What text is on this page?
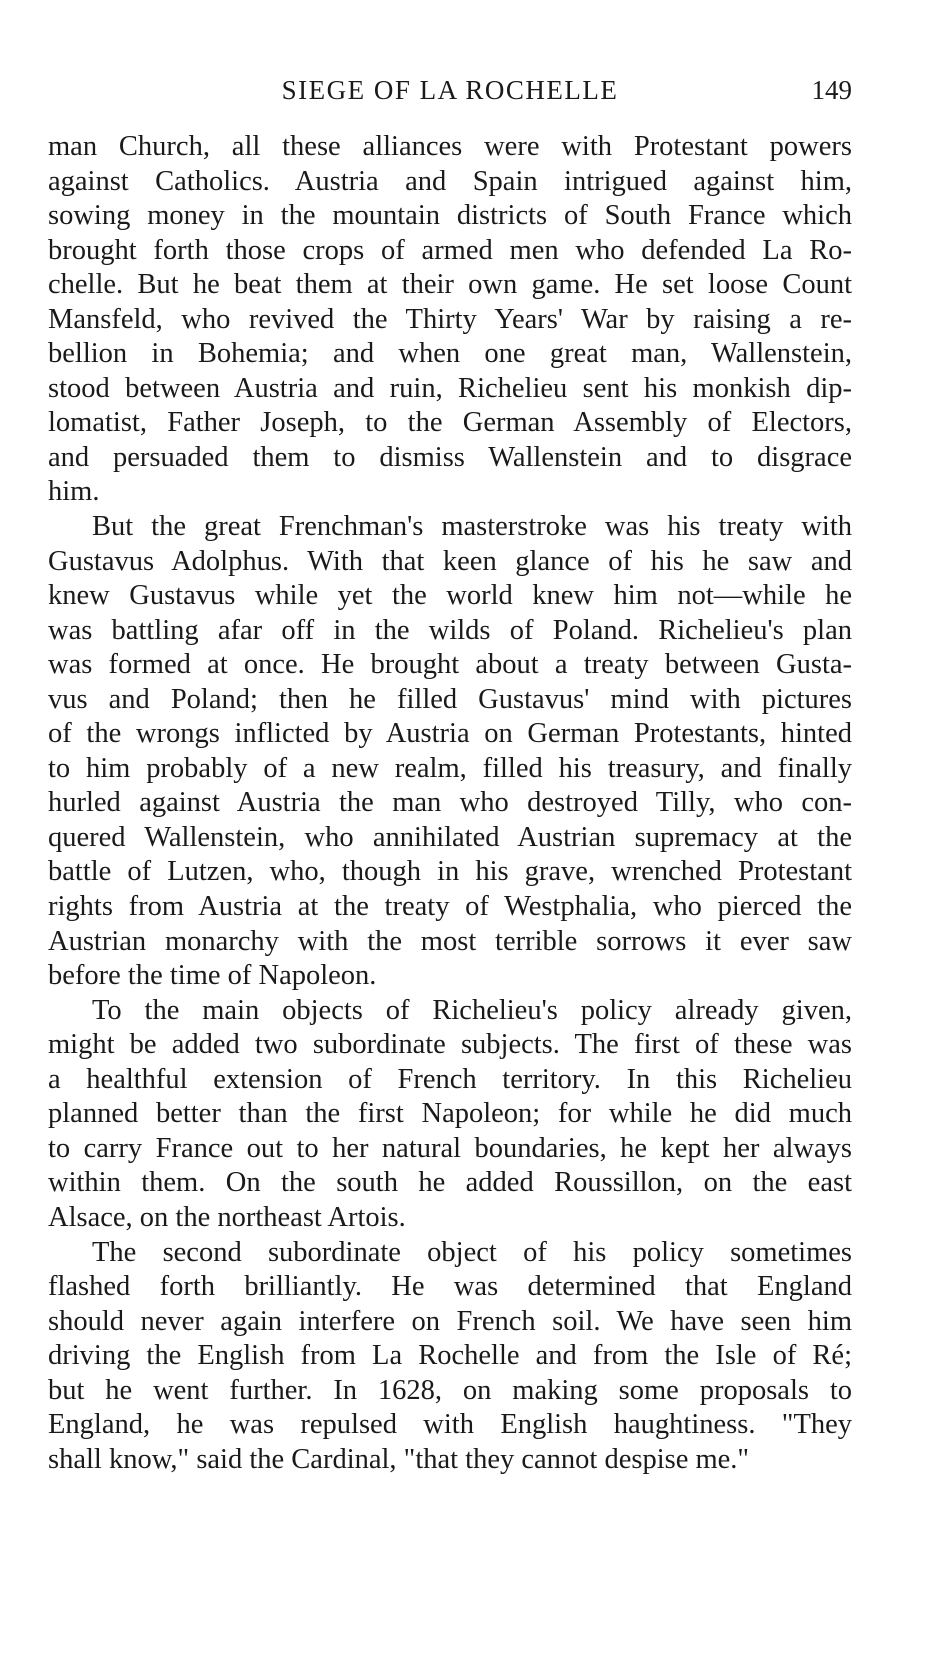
SIEGE OF LA ROCHELLE	149
man Church, all these alliances were with Protestant powers
against Catholics. Austria and Spain intrigued against him,
sowing money in the mountain districts of South France which
brought forth those crops of armed men who defended La Ro-
chelle. But he beat them at their own game. He set loose Count
Mansfeld, who revived the Thirty Years' War by raising a re-
bellion in Bohemia; and when one great man, Wallenstein,
stood between Austria and ruin, Richelieu sent his monkish dip-
lomatist, Father Joseph, to the German Assembly of Electors,
and persuaded them to dismiss Wallenstein and to disgrace
him.
But the great Frenchman's masterstroke was his treaty with
Gustavus Adolphus. With that keen glance of his he saw and
knew Gustavus while yet the world knew him not—while he
was battling afar off in the wilds of Poland. Richelieu's plan
was formed at once. He brought about a treaty between Gusta-
vus and Poland; then he filled Gustavus' mind with pictures
of the wrongs inflicted by Austria on German Protestants, hinted
to him probably of a new realm, filled his treasury, and finally
hurled against Austria the man who destroyed Tilly, who con-
quered Wallenstein, who annihilated Austrian supremacy at the
battle of Lutzen, who, though in his grave, wrenched Protestant
rights from Austria at the treaty of Westphalia, who pierced the
Austrian monarchy with the most terrible sorrows it ever saw
before the time of Napoleon.
To the main objects of Richelieu's policy already given,
might be added two subordinate subjects. The first of these was
a healthful extension of French territory. In this Richelieu
planned better than the first Napoleon; for while he did much
to carry France out to her natural boundaries, he kept her always
within them. On the south he added Roussillon, on the east
Alsace, on the northeast Artois.
The second subordinate object of his policy sometimes
flashed forth brilliantly. He was determined that England
should never again interfere on French soil. We have seen him
driving the English from La Rochelle and from the Isle of Ré;
but he went further. In 1628, on making some proposals to
England, he was repulsed with English haughtiness. "They
shall know," said the Cardinal, "that they cannot despise me."
